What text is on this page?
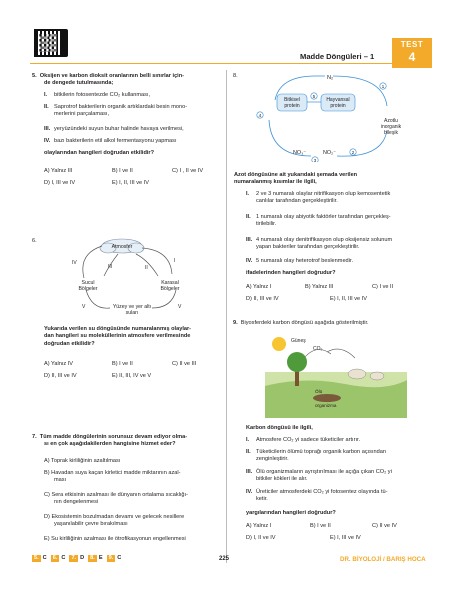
TEST
4
Madde Döngüleri – 1
5. Oksijen ve karbon dioksit oranlarının belli sınırlar için-
de dengede tutulmasında;
I. bitkilerin fotosentezde CO₂ kullanması,
II. Saprotrof bakterilerin organik artıklardaki besin mono-
merlerini parçalaması,
III. yeryüzündeki suyun buhar halinde havaya verilmesi,
IV. bazı bakterilerin etil alkol fermentasyonu yapması
olaylarından hangileri doğrudan etkilidir?
A) Yalnız III	B) I ve II	C) I , II ve IV
D) I, III ve IV	E) I, II, III ve IV
6.
Atmosfer
I
II
III
IV
V	V
Sucul
Bölgeler
Karasal
Bölgeler
Yüzey ve yer altı
suları
Yukarıda verilen su döngüsünde numaralanmış olaylar-
dan hangileri su moleküllerinin atmosfere verilmesinde
doğrudan etkilidir?
A) Yalnız IV	B) I ve II	C) II ve III
D) II, III ve IV	E) II, III, IV ve V
7. Tüm madde döngülerinin sorunsuz devam ediyor olma-
sı en çok aşağıdakilerden hangisine hizmet eder?
A) Toprak kirliliğinin azaltılması
B) Havadan suya kaçan kirletici madde miktarının azal-
ması
C) Sera etkisinin azalması ile dünyanın ortalama sıcaklığı-
nın dengelenmesi
D) Ekosistemin bozulmadan devamı ve gelecek nesillere
yaşanılabilir çevre bırakılması
E) Su kirliliğinin azalması ile ötrofikasyonun engellenmesi
8.	N₂
Bitkisel
protein
Hayvansal
protein
5
Azotlu
inorganik
bileşik
NO₃⁻	NO₂⁻
4
1
2
3
Azot döngüsüne ait yukarıdaki şemada verilen
numaralanmış kısımlar ile ilgili,
I. 2 ve 3 numaralı olaylar nitrifikasyon olup kemosentetik
canlılar tarafından gerçekleştirilir.
II. 1 numaralı olay abiyotik faktörler tarafından gerçekleş-
tirilebilir.
III. 4 numaralı olay denitrifikasyon olup oksijensiz solunum
yapan bakteriler tarafından gerçekleştirilir.
IV. 5 numaralı olay heterotrof beslenmedir.
ifadelerinden hangileri doğrudur?
A) Yalnız I	B) Yalnız III	C) I ve II
D) II, III ve IV	E) I, II, III ve IV
9. Biyosferdeki karbon döngüsü aşağıda gösterilmiştir.
Güneş
CO₂
Ölü
organizma
Karbon döngüsü ile ilgili,
I. Atmosfere CO₂ yi sadece tüketiciler artırır.
II. Tüketicilerin ölümü toprağı organik karbon açısından
zenginleştirir.
III. Ölü organizmaların ayrıştırılması ile açığa çıkan CO₂ yi
bitkiler kökleri ile alır.
IV. Üreticiler atmosferdeki CO₂ yi fotosentez olayında tü-
ketir.
yargılarından hangileri doğrudur?
A) Yalnız I	B) I ve II	C) II ve IV
D) I, II ve IV	E) I, III ve IV
5. C	6. C	7. D	8. E	9. C	225	DR. BİYOLOJİ / BARIŞ HOCA
